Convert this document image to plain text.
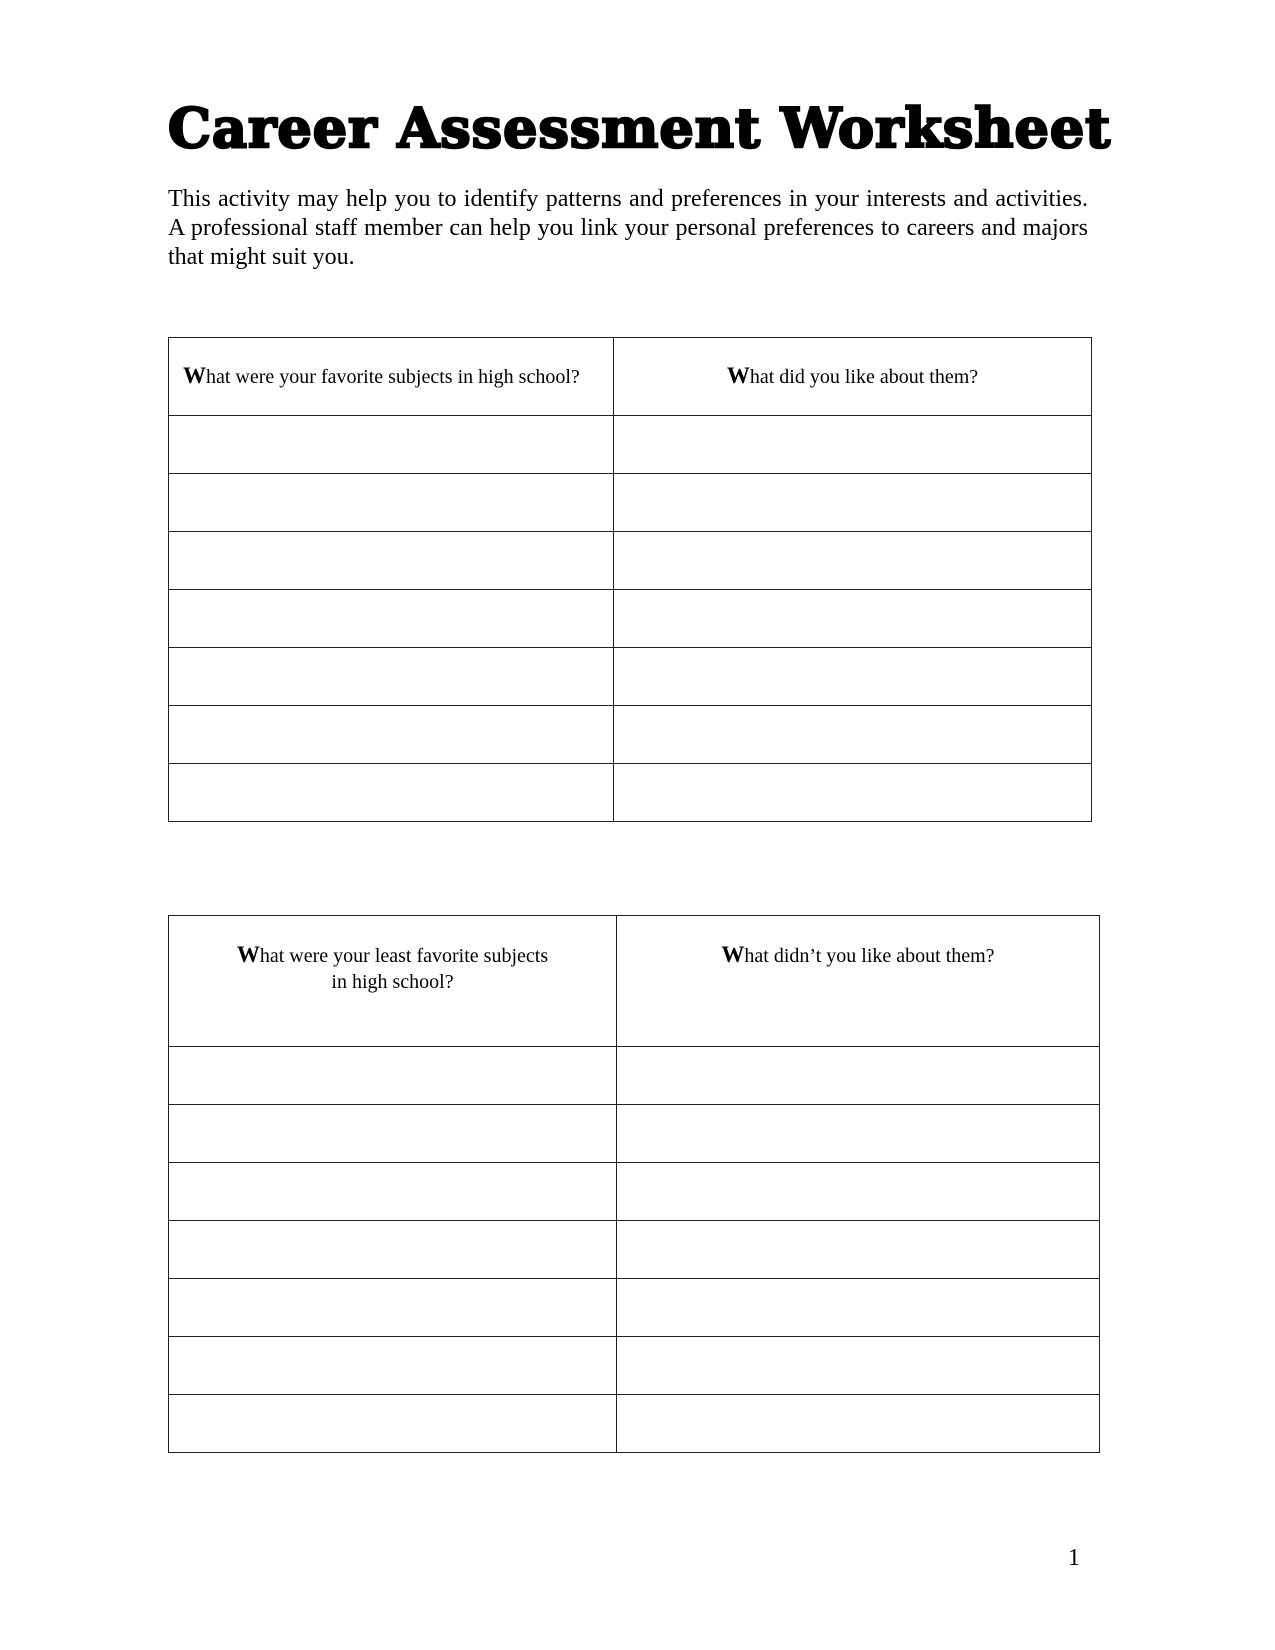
Career Assessment Worksheet

This activity may help you to identify patterns and preferences in your interests and activities. A professional staff member can help you link your personal preferences to careers and majors that might suit you.

What were your favorite subjects in high school?	What did you like about them?

What were your least favorite subjects
in high school?	What didn’t you like about them?

1
